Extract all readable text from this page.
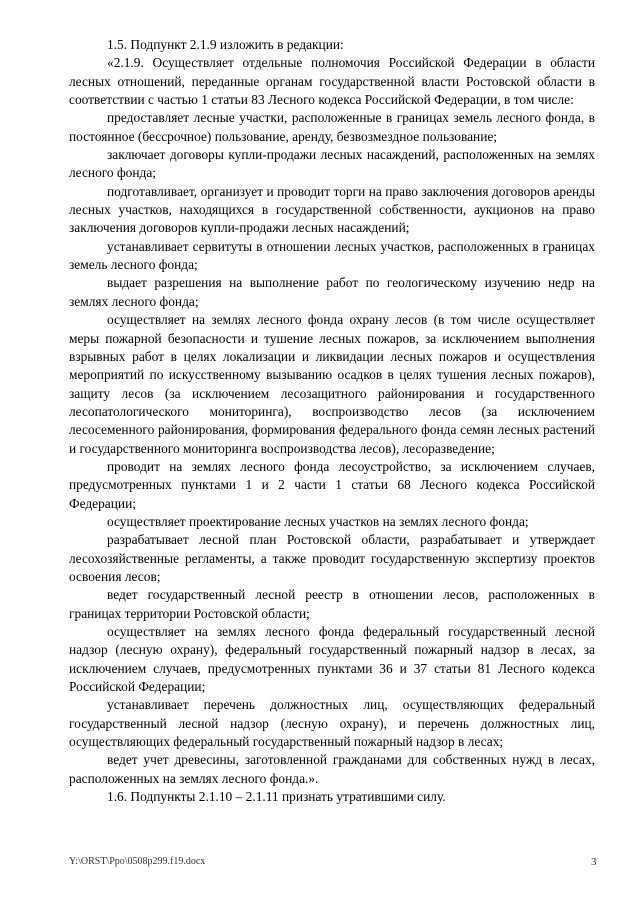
1.5. Подпункт 2.1.9 изложить в редакции:

«2.1.9. Осуществляет отдельные полномочия Российской Федерации в области лесных отношений, переданные органам государственной власти Ростовской области в соответствии с частью 1 статьи 83 Лесного кодекса Российской Федерации, в том числе:

предоставляет лесные участки, расположенные в границах земель лесного фонда, в постоянное (бессрочное) пользование, аренду, безвозмездное пользование;

заключает договоры купли-продажи лесных насаждений, расположенных на землях лесного фонда;

подготавливает, организует и проводит торги на право заключения договоров аренды лесных участков, находящихся в государственной собственности, аукционов на право заключения договоров купли-продажи лесных насаждений;

устанавливает сервитуты в отношении лесных участков, расположенных в границах земель лесного фонда;

выдает разрешения на выполнение работ по геологическому изучению недр на землях лесного фонда;

осуществляет на землях лесного фонда охрану лесов (в том числе осуществляет меры пожарной безопасности и тушение лесных пожаров, за исключением выполнения взрывных работ в целях локализации и ликвидации лесных пожаров и осуществления мероприятий по искусственному вызыванию осадков в целях тушения лесных пожаров), защиту лесов (за исключением лесозащитного районирования и государственного лесопатологического мониторинга), воспроизводство лесов (за исключением лесосеменного районирования, формирования федерального фонда семян лесных растений и государственного мониторинга воспроизводства лесов), лесоразведение;

проводит на землях лесного фонда лесоустройство, за исключением случаев, предусмотренных пунктами 1 и 2 части 1 статьи 68 Лесного кодекса Российской Федерации;

осуществляет проектирование лесных участков на землях лесного фонда;

разрабатывает лесной план Ростовской области, разрабатывает и утверждает лесохозяйственные регламенты, а также проводит государственную экспертизу проектов освоения лесов;

ведет государственный лесной реестр в отношении лесов, расположенных в границах территории Ростовской области;

осуществляет на землях лесного фонда федеральный государственный лесной надзор (лесную охрану), федеральный государственный пожарный надзор в лесах, за исключением случаев, предусмотренных пунктами 36 и 37 статьи 81 Лесного кодекса Российской Федерации;

устанавливает перечень должностных лиц, осуществляющих федеральный государственный лесной надзор (лесную охрану), и перечень должностных лиц, осуществляющих федеральный государственный пожарный надзор в лесах;

ведет учет древесины, заготовленной гражданами для собственных нужд в лесах, расположенных на землях лесного фонда.».

1.6. Подпункты 2.1.10 – 2.1.11 признать утратившими силу.

Y:\ORST\Ppo\0508p299.f19.docx	3
